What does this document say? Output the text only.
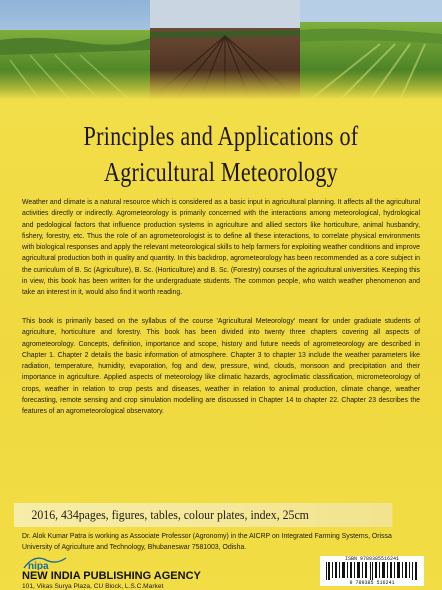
Principles and Applications of
Agricultural Meteorology

Weather and climate is a natural resource which is considered as a basic input in agricultural planning. It affects all the agricultural activities directly or indirectly. Agrometeorology is primarily concerned with the interactions among meteorological, hydrological and pedological factors that influence production systems in agriculture and allied sectors like horticulture, animal husbandry, fishery, forestry, etc. Thus the role of an agrometeorologist is to define all these interactions, to correlate physical environments with biological responses and apply the relevant meteorological skills to help farmers for exploiting weather conditions and improve agricultural production both in quality and quantity. In this backdrop, agrometeorology has been recommended as a core subject in the curriculum of B. Sc (Agriculture), B. Sc. (Horticulture) and B. Sc. (Forestry) courses of the agricultural universities. Keeping this in view, this book has been written for the undergraduate students. The common people, who watch weather phenomenon and take an interest in it, would also find it worth reading.

This book is primarily based on the syllabus of the course 'Agricultural Meteorology' meant for under graduate students of agriculture, horticulture and forestry. This book has been divided into twenty three chapters covering all aspects of agrometeorology. Concepts, definition, importance and scope, history and future needs of agrometeorology are described in Chapter 1. Chapter 2 details the basic information of atmosphere. Chapter 3 to chapter 13 include the weather parameters like radiation, temperature, humidity, evaporation, fog and dew, pressure, wind, clouds, monsoon and precipitation and their importance in agriculture. Applied aspects of meteorology like climatic hazards, agroclimatic classification, micrometeorology of crops, weather in relation to crop pests and diseases, weather in relation to animal production, climate change, weather forecasting, remote sensing and crop simulation modelling are discussed in Chapter 14 to chapter 22. Chapter 23 describes the features of an agrometeorological observatory.

2016, 434pages, figures, tables, colour plates, index, 25cm

Dr. Alok Kumar Patra is working as Associate Professor (Agronomy) in the AICRP on Integrated Farming Systems, Orissa University of Agriculture and Technology, Bhubaneswar 7581003, Odisha.

nipa
NEW INDIA PUBLISHING AGENCY
101, Vikas Surya Plaza, CU Block, L.S.C.Market
ISBN 9789385516241
9 789385 516241
